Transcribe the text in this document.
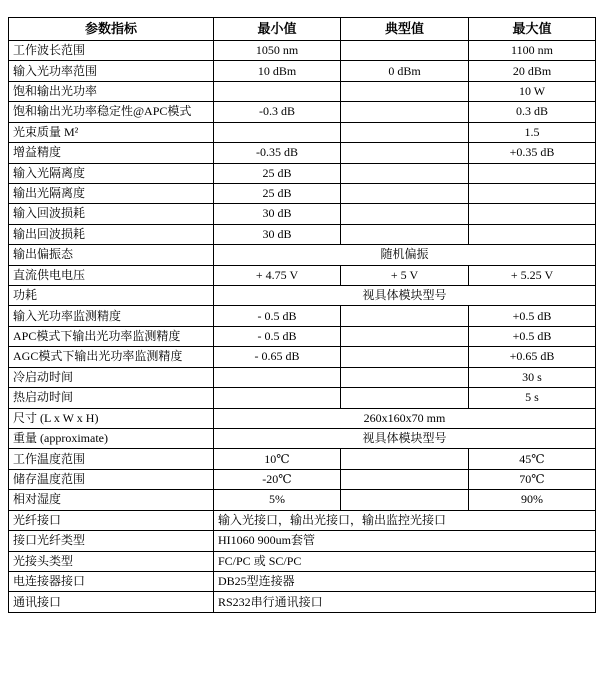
参数指标	最小值	典型值	最大值
工作波长范围	1050 nm		1100 nm
输入光功率范围	10 dBm	0 dBm	20 dBm
饱和输出光功率			10 W
饱和输出光功率稳定性@APC模式	-0.3 dB		0.3 dB
光束质量 M²			1.5
增益精度	-0.35 dB		+0.35 dB
输入光隔离度	25 dB		
输出光隔离度	25 dB		
输入回波损耗	30 dB		
输出回波损耗	30 dB		
输出偏振态	随机偏振		
直流供电电压	+ 4.75 V	+ 5 V	+ 5.25 V
功耗	视具体模块型号		
输入光功率监测精度	- 0.5 dB		+0.5 dB
APC模式下输出光功率监测精度	- 0.5 dB		+0.5 dB
AGC模式下输出光功率监测精度	- 0.65 dB		+0.65 dB
冷启动时间			30 s
热启动时间			5 s
尺寸 (L x W x H)	260x160x70 mm		
重量 (approximate)	视具体模块型号		
工作温度范围	10℃		45℃
储存温度范围	-20℃		70℃
相对湿度	5%		90%
光纤接口	输入光接口，输出光接口，输出监控光接口		
接口光纤类型	HI1060 900um套管		
光接头类型	FC/PC 或 SC/PC		
电连接器接口	DB25型连接器		
通讯接口	RS232串行通讯接口		
